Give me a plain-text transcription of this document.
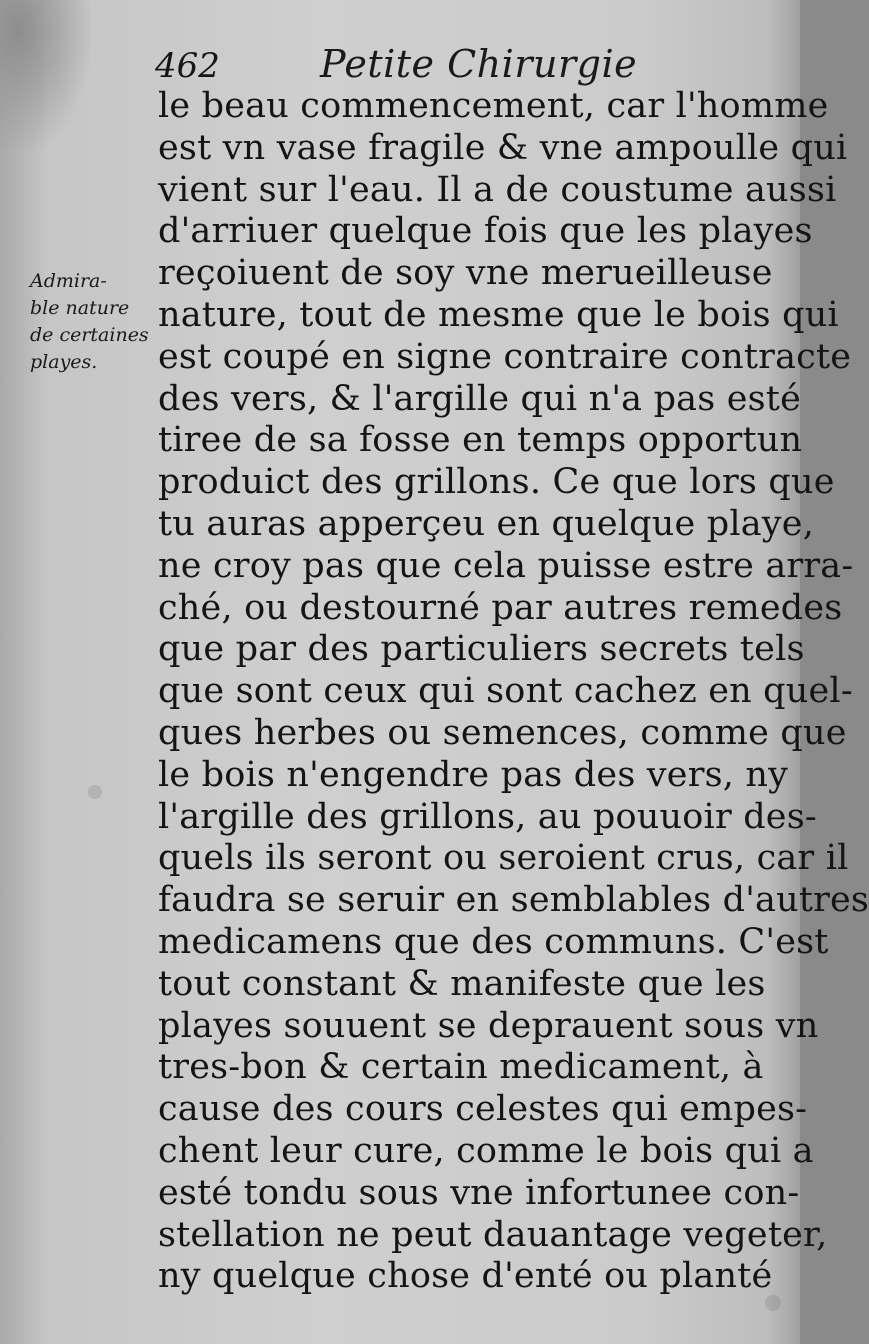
462	Petite Chirurgie
Admira-
ble nature
de certaines
playes.
le beau commencement, car l'homme
est vn vase fragile & vne ampoulle qui
vient sur l'eau. Il a de coustume aussi
d'arriuer quelque fois que les playes
reçoiuent de soy vne merueilleuse
nature, tout de mesme que le bois qui
est coupé en signe contraire contracte
des vers, & l'argille qui n'a pas esté
tiree de sa fosse en temps opportun
produict des grillons. Ce que lors que
tu auras apperçeu en quelque playe,
ne croy pas que cela puisse estre arra-
ché, ou destourné par autres remedes
que par des particuliers secrets tels
que sont ceux qui sont cachez en quel-
ques herbes ou semences, comme que
le bois n'engendre pas des vers, ny
l'argille des grillons, au pouuoir des-
quels ils seront ou seroient crus, car il
faudra se seruir en semblables d'autres
medicamens que des communs. C'est
tout constant & manifeste que les
playes souuent se deprauent sous vn
tres-bon & certain medicament, à
cause des cours celestes qui empes-
chent leur cure, comme le bois qui a
esté tondu sous vne infortunee con-
stellation ne peut dauantage vegeter,
ny quelque chose d'enté ou planté
